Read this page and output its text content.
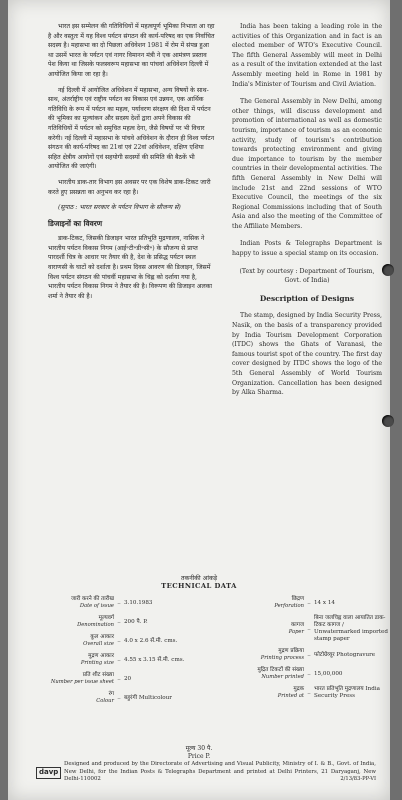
भारत इस सम्मेलन की गतिविधियों में महत्वपूर्ण भूमिका निभाता आ रहा है और वस्तुतः में यह विश्व पर्यटन संगठन की कार्य-परिषद का एक निर्वाचित सदस्य है। महासभा का दो पिछला अधिवेशन 1981 में रोम में संपन्न हुआ था उसमें भारत के पर्यटन एवं नागर विमानन मंत्री ने एक आमंत्रण प्रस्ताव पेश किया था जिसके फलस्वरूप महासभा का पांचवां अधिवेशन दिल्ली में आयोजित किया जा रहा है।

नई दिल्ली में आयोजित अधिवेशन में महासभा, अन्य विषयों के साथ-साथ, अंतर्राष्ट्रीय एवं राष्ट्रीय पर्यटन का विकास एवं उन्नयन, एक आर्थिक गतिविधि के रूप में पर्यटन का महत्व, पर्यावरण संरक्षण की दिशा में पर्यटन की भूमिका का मूल्यांकन और सदस्य देशों द्वारा अपने विकास की गतिविधियों में पर्यटन को समुचित महत्व देना, जैसे विषयों पर भी विचार करेगी। नई दिल्ली में महासभा के पांचवे अधिवेशन के दौरान ही विश्व पर्यटन संगठन की कार्य-परिषद का 21वां एवं 22वां अधिवेशन, दक्षिण एशिया सहित क्षेत्रीय आयोगों एवं सहयोगी सदस्यों की समिति की बैठकें भी आयोजित की जाएंगी।

भारतीय डाक-तार विभाग इस अवसर पर एक विशेष डाक-टिकट जारी करते हुए प्रसन्नता का अनुभव कर रहा है।

(सुपाठ : भारत सरकार के पर्यटन विभाग के सौजन्य से)

डिजाइनों का विवरण

डाक-टिकट, जिसकी डिजाइन भारत प्रतिभूति मुद्रणालय, नासिक ने भारतीय पर्यटन विकास निगम (आई॰टी॰डी॰सी॰) के सौजन्य से प्राप्त पारदर्शी चित्र के आधार पर तैयार की है, देश के प्रसिद्ध पर्यटन स्थल वाराणसी के घाटों को दर्शाता है। प्रथम दिवस आवरण की डिजाइन, जिसमें विश्व पर्यटन संगठन की पांचवीं महासभा के चिह्न को दर्शाया गया है, भारतीय पर्यटन विकास निगम ने तैयार की है। विरूपण की डिजाइन अलका शर्मा ने तैयार की है।

India has been taking a leading role in the activities of this Organization and in fact is an elected member of WTO's Executive Council. The fifth General Assembly will meet in Delhi as a result of the invitation extended at the last Assembly meeting held in Rome in 1981 by India's Minister of Tourism and Civil Aviation.

The General Assembly in New Delhi, among other things, will discuss development and promotion of international as well as domestic tourism, importance of tourism as an economic activity, study of tourism's contribution towards protecting environment and giving due importance to tourism by the member countries in their developmental activities. The fifth General Assembly in New Delhi will include 21st and 22nd sessions of WTO Executive Council, the meetings of the six Regional Commissions including that of South Asia and also the meeting of the Committee of the Affiliate Members.

Indian Posts & Telegraphs Department is happy to issue a special stamp on its occasion.

(Text by courtesy : Department of Tourism, Govt. of India)

Description of Designs

The stamp, designed by India Security Press, Nasik, on the basis of a transparency provided by India Tourism Development Corporation (ITDC) shows the Ghats of Varanasi, the famous tourist spot of the country. The first day cover designed by ITDC shows the logo of the 5th General Assembly of World Tourism Organization. Cancellation has been designed by Alka Sharma.

तकनीकी आंकड़े
TECHNICAL DATA
जारी करने की तारीख
Date of issue
.. 3.10.1983
मूल्यवर्ग
Denomination
.. 200 पै. P.
कुल आकार
Overall size
.. 4.0 x 2.6 सें.मी. cms.
मुद्रण आकार
Printing size
.. 4.55 x 3.15 सें.मी. cms.
प्रति शीट संख्या
Number per issue sheet
.. 20
रंग
Colour
.. बहुरंगी Multicolour
छिद्रण
Perforation
.. 14 x 14
कागज
Paper
..
बिना जलचिह्न वाला आयातित डाक-टिकट कागज / Unwatermarked imported stamp paper
मुद्रण प्रक्रिया
Printing process
.. फोटोग्रेव्यूर Photogravure
मुद्रित टिकटों की संख्या
Number printed
.. 15,00,000
मुद्रक
Printed at
..
भारत प्रतिभूति मुद्रणालय India Security Press
मूल्य 30 पै.
Price P.
davp
Designed and produced by the Directorate of Advertising and Visual Publicity, Ministry of I. & B., Govt. of India, New Delhi, for the Indian Posts & Telegraphs Department and printed at Delhi Printers, 21 Daryaganj, New Delhi-110002	2/13/83-PP-VI
